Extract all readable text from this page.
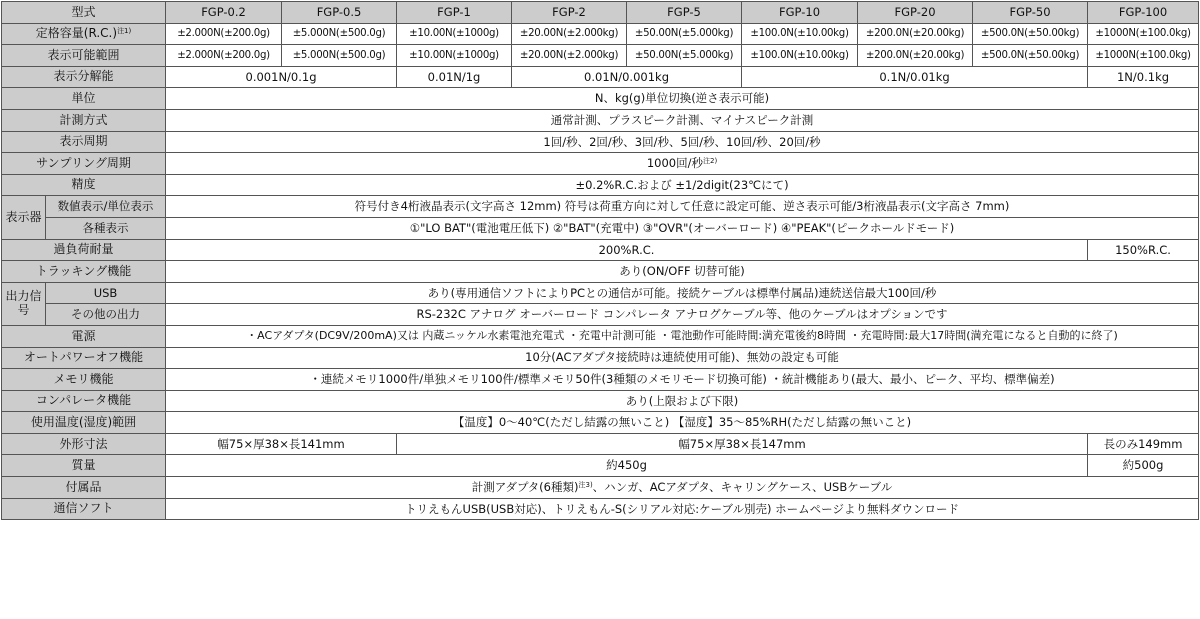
型式		FGP-0.2	FGP-0.5	FGP-1	FGP-2	FGP-5	FGP-10	FGP-20	FGP-50	FGP-100
定格容量$(R.C.)^{注1)}$		±2.000N(±200.0g)	±5.000N(±500.0g)	±10.00N(±1000g)	±20.00N(±2.000kg)	±50.00N(±5.000kg)	±100.0N(±10.00kg)	±200.0N(±20.00kg)	±500.0N(±50.00kg)	±1000N(±100.0kg)
表示可能範囲		±2.000N(±200.0g)	±5.000N(±500.0g)	±10.00N(±1000g)	±20.00N(±2.000kg)	±50.00N(±5.000kg)	±100.0N(±10.00kg)	±200.0N(±20.00kg)	±500.0N(±50.00kg)	±1000N(±100.0kg)
表示分解能		0.001N/0.1g		0.01N/1g	0.01N/0.001kg		0.1N/0.01kg			1N/0.1kg
単位		N、kg(g)単位切換(逆さ表示可能)								
計測方式		通常計測、プラスピーク計測、マイナスピーク計測								
表示周期		1回/秒、2回/秒、3回/秒、5回/秒、10回/秒、20回/秒								
サンプリング周期		1000回/秒$^{注2)}$
精度		±0.2%R.C.および ±1/2digit(23℃にて)								
表示器	数値表示/単位表示	符号付き4桁液晶表示(文字高さ 12mm) 符号は荷重方向に対して任意に設定可能、逆さ表示可能/3桁液晶表示(文字高さ 7mm)								
	各種表示	①"LO BAT"(電池電圧低下) ②"BAT"(充電中) ③"OVR"(オーバーロード) ④"PEAK"(ピークホールドモード)								
過負荷耐量		200%R.C.								150%R.C.
トラッキング機能		あり(ON/OFF 切替可能)								
出力信号	USB	あり(専用通信ソフトによりPCとの通信が可能。接続ケーブルは標準付属品)連続送信最大100回/秒								
	その他の出力	RS-232C アナログ オーバーロード コンパレータ アナログケーブル等、他のケーブルはオプションです								
電源		・ACアダプタ(DC9V/200mA)又は 内蔵ニッケル水素電池充電式 ・充電中計測可能 ・電池動作可能時間:満充電後約8時間 ・充電時間:最大17時間(満充電になると自動的に終了)								
オートパワーオフ機能		10分(ACアダプタ接続時は連続使用可能)、無効の設定も可能								
メモリ機能		・連続メモリ1000件/単独メモリ100件/標準メモリ50件(3種類のメモリモード切換可能) ・統計機能あり(最大、最小、ピーク、平均、標準偏差)								
コンパレータ機能		あり(上限および下限)								
使用温度(湿度)範囲		【温度】0〜40℃(ただし結露の無いこと) 【湿度】35〜85%RH(ただし結露の無いこと)								
外形寸法		幅75×厚38×長141mm		幅75×厚38×長147mm						長のみ149mm
質量		約450g								約500g
付属品		計測アダプタ(6種類)$^{注3)}$、ハンガ、ACアダプタ、キャリングケース、USBケーブル								
通信ソフト		トリえもんUSB(USB対応)、トリえもん-S(シリアル対応:ケーブル別売) ホームページより無料ダウンロード								
